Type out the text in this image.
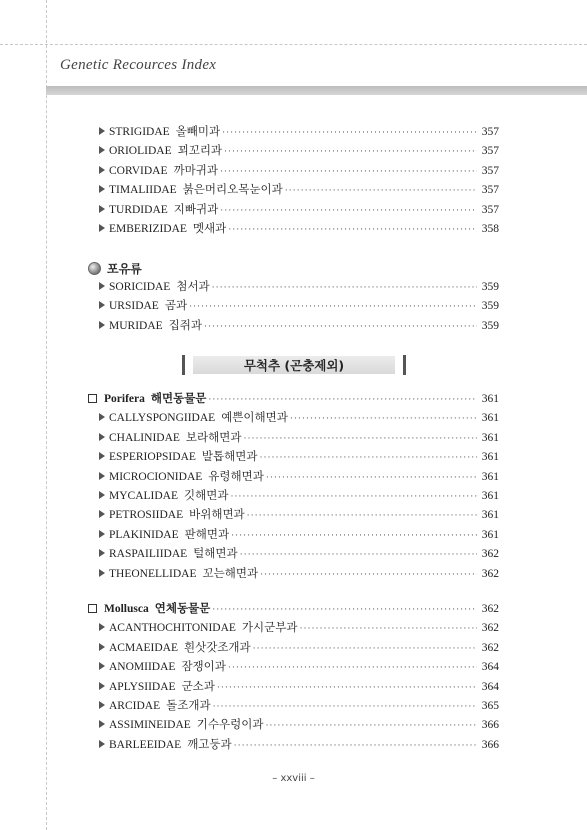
Genetic Recources Index
STRIGIDAE 올빼미과 ·····	357
ORIOLIDAE 꾀꼬리과 ·····	357
CORVIDAE 까마귀과 ·····	357
TIMALIIDAE 붉은머리오목눈이과 ·····	357
TURDIDAE 지빠귀과 ·····	357
EMBERIZIDAE 멧새과 ·····	358
포유류
SORICIDAE 첨서과 ·····	359
URSIDAE 곰과 ·····	359
MURIDAE 집쥐과 ·····	359
무척추 (곤충제외)
Porifera 해면동물문 ·····	361
CALLYSPONGIIDAE 예쁜이해면과 ·····	361
CHALINIDAE 보라해면과 ·····	361
ESPERIOPSIDAE 발톱해면과 ·····	361
MICROCIONIDAE 유령해면과 ·····	361
MYCALIDAE 깃해면과 ·····	361
PETROSIIDAE 바위해면과 ·····	361
PLAKINIDAE 판해면과 ·····	361
RASPAILIIDAE 털해면과 ·····	362
THEONELLIDAE 꼬는해면과 ·····	362
Mollusca 연체동물문 ·····	362
ACANTHOCHITONIDAE 가시군부과 ·····	362
ACMAEIDAE 흰삿갓조개과 ·····	362
ANOMIIDAE 잠쟁이과 ·····	364
APLYSIIDAE 군소과 ·····	364
ARCIDAE 돌조개과 ·····	365
ASSIMINEIDAE 기수우렁이과 ·····	366
BARLEEIDAE 깨고둥과 ·····	366
– xxviii –
